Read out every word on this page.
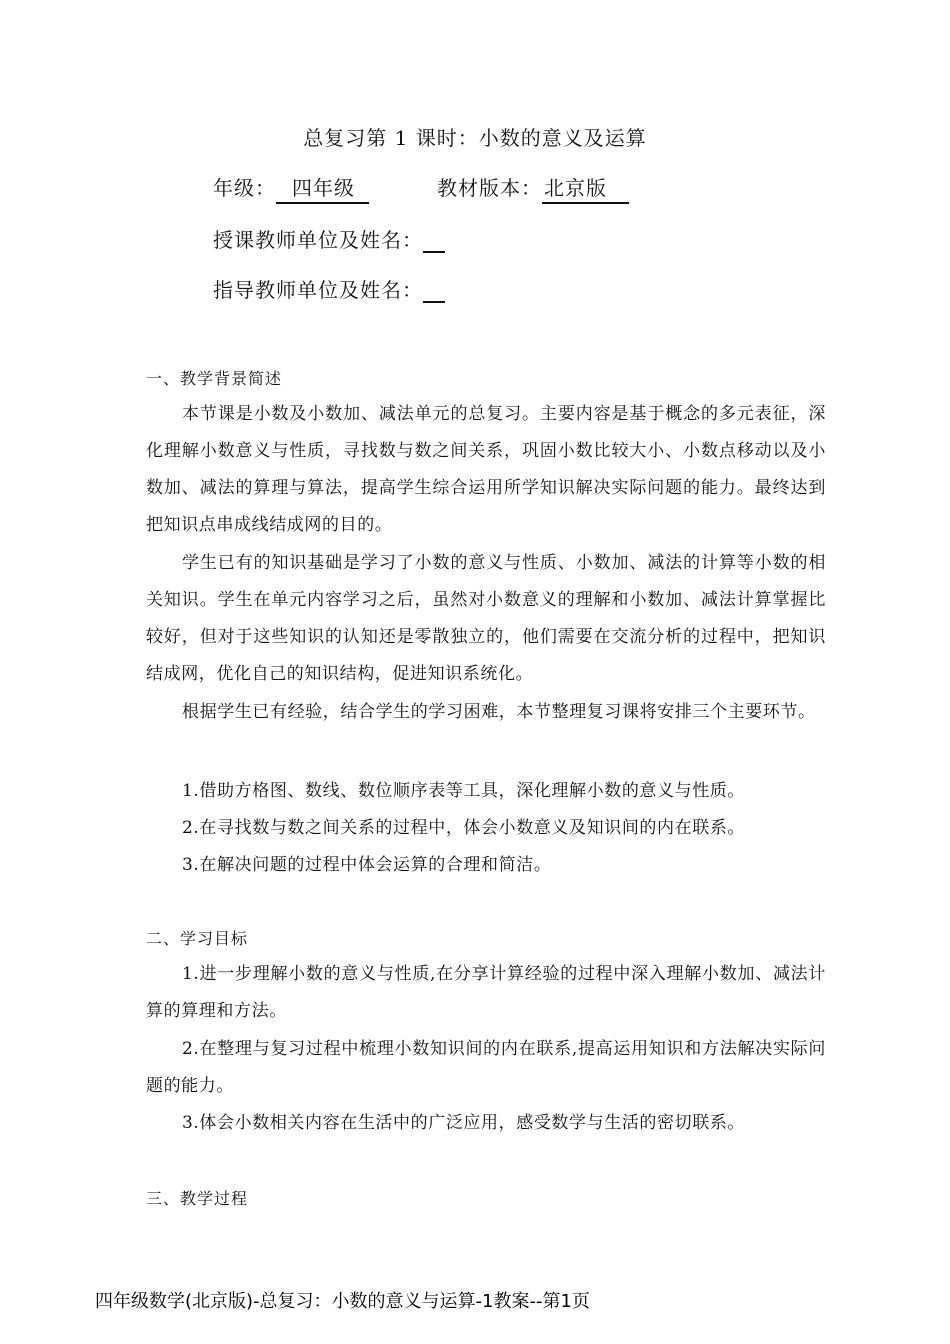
总复习第 1 课时：小数的意义及运算
年级： 四年级	教材版本： 北京版
授课教师单位及姓名：
指导教师单位及姓名：
一、教学背景简述
本节课是小数及小数加、减法单元的总复习。主要内容是基于概念的多元表征，深化理解小数意义与性质，寻找数与数之间关系，巩固小数比较大小、小数点移动以及小数加、减法的算理与算法，提高学生综合运用所学知识解决实际问题的能力。最终达到把知识点串成线结成网的目的。
学生已有的知识基础是学习了小数的意义与性质、小数加、减法的计算等小数的相关知识。学生在单元内容学习之后，虽然对小数意义的理解和小数加、减法计算掌握比较好，但对于这些知识的认知还是零散独立的，他们需要在交流分析的过程中，把知识结成网，优化自己的知识结构，促进知识系统化。
根据学生已有经验，结合学生的学习困难，本节整理复习课将安排三个主要环节。
1.借助方格图、数线、数位顺序表等工具，深化理解小数的意义与性质。
2.在寻找数与数之间关系的过程中，体会小数意义及知识间的内在联系。
3.在解决问题的过程中体会运算的合理和简洁。
二、学习目标
1.进一步理解小数的意义与性质,在分享计算经验的过程中深入理解小数加、减法计算的算理和方法。
2.在整理与复习过程中梳理小数知识间的内在联系,提高运用知识和方法解决实际问题的能力。
3.体会小数相关内容在生活中的广泛应用，感受数学与生活的密切联系。
三、教学过程
四年级数学(北京版)-总复习：小数的意义与运算-1教案--第1页
